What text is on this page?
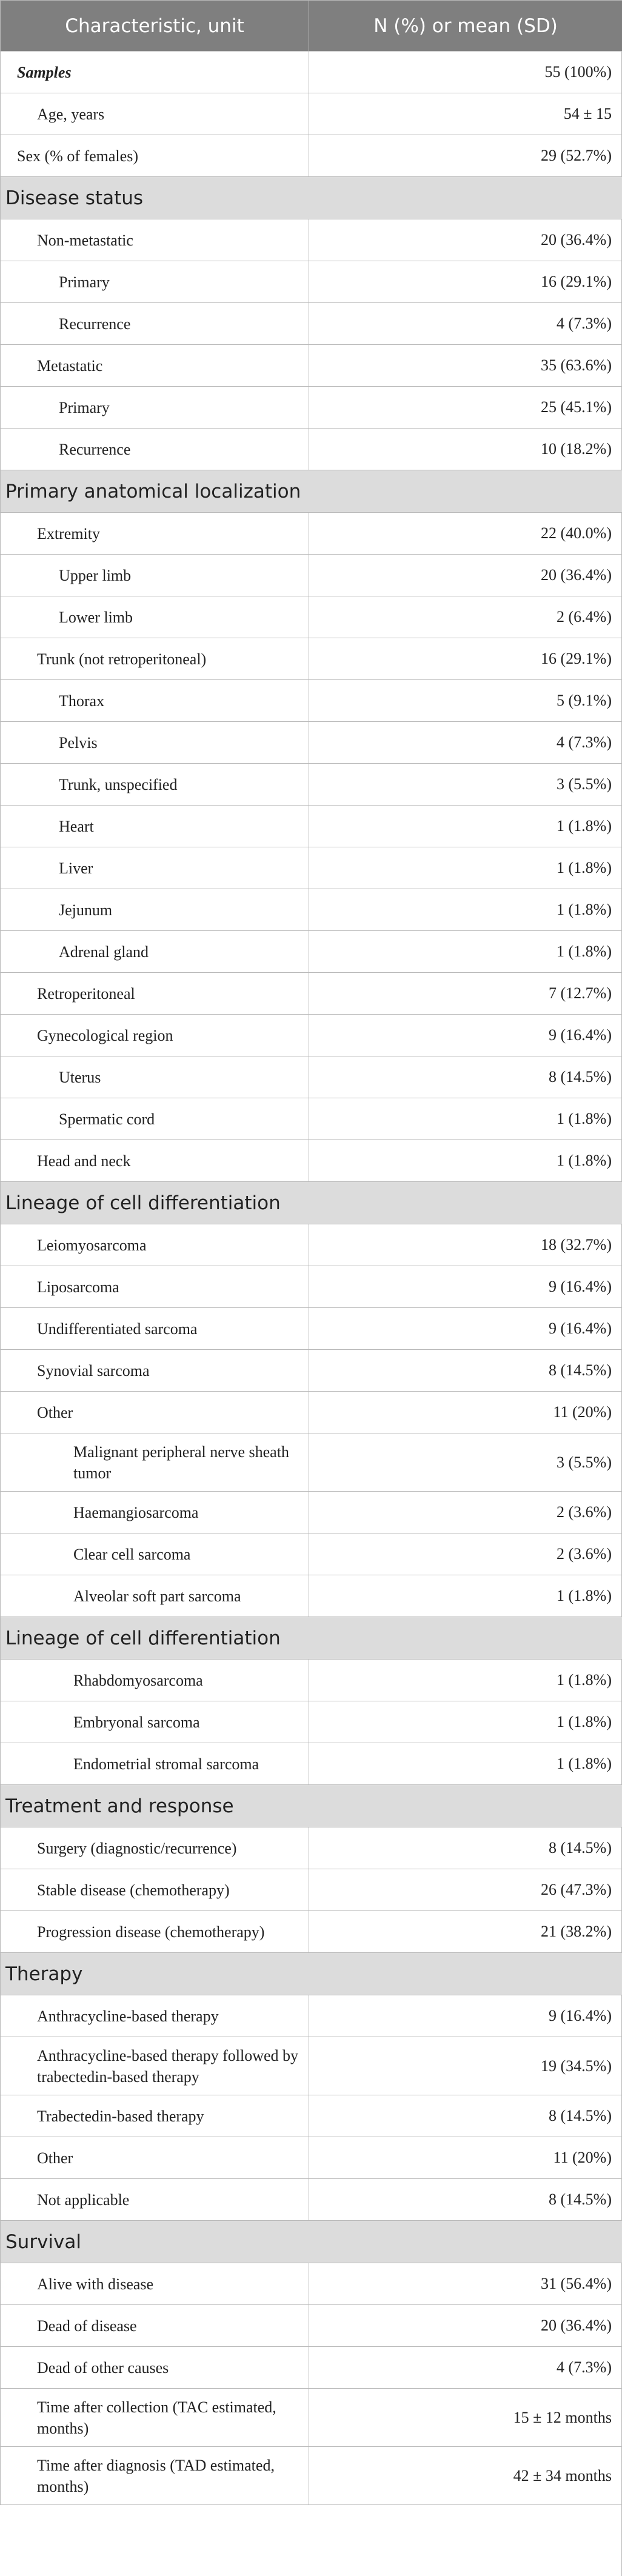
Characteristic, unit	N (%) or mean (SD)

Samples	55 (100%)

Age, years	54 ± 15

Sex (% of females)	29 (52.7%)
Disease status	

Non-metastatic	20 (36.4%)

Primary	16 (29.1%)

Recurrence	4 (7.3%)

Metastatic	35 (63.6%)

Primary	25 (45.1%)

Recurrence	10 (18.2%)
Primary anatomical localization	

Extremity	22 (40.0%)

Upper limb	20 (36.4%)

Lower limb	2 (6.4%)

Trunk (not retroperitoneal)	16 (29.1%)

Thorax	5 (9.1%)

Pelvis	4 (7.3%)

Trunk, unspecified	3 (5.5%)

Heart	1 (1.8%)

Liver	1 (1.8%)

Jejunum	1 (1.8%)

Adrenal gland	1 (1.8%)

Retroperitoneal	7 (12.7%)

Gynecological region	9 (16.4%)

Uterus	8 (14.5%)

Spermatic cord	1 (1.8%)

Head and neck	1 (1.8%)
Lineage of cell differentiation	

Leiomyosarcoma	18 (32.7%)

Liposarcoma	9 (16.4%)

Undifferentiated sarcoma	9 (16.4%)

Synovial sarcoma	8 (14.5%)

Other	11 (20%)

Malignant peripheral nerve sheath tumor	3 (5.5%)

Haemangiosarcoma	2 (3.6%)

Clear cell sarcoma	2 (3.6%)

Alveolar soft part sarcoma	1 (1.8%)
Lineage of cell differentiation	

Rhabdomyosarcoma	1 (1.8%)

Embryonal sarcoma	1 (1.8%)

Endometrial stromal sarcoma	1 (1.8%)
Treatment and response	

Surgery (diagnostic/recurrence)	8 (14.5%)

Stable disease (chemotherapy)	26 (47.3%)

Progression disease (chemotherapy)	21 (38.2%)
Therapy	

Anthracycline-based therapy	9 (16.4%)

Anthracycline-based therapy followed by trabectedin-based therapy	19 (34.5%)

Trabectedin-based therapy	8 (14.5%)

Other	11 (20%)

Not applicable	8 (14.5%)
Survival	

Alive with disease	31 (56.4%)

Dead of disease	20 (36.4%)

Dead of other causes	4 (7.3%)

Time after collection (TAC estimated, months)	15 ± 12 months

Time after diagnosis (TAD estimated, months)	42 ± 34 months
